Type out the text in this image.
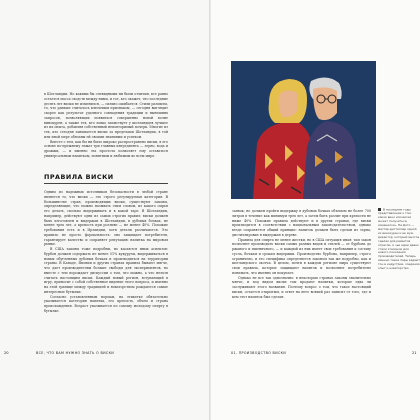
в Шотландии. Но какими бы очевидными ни были отличия, все равно остается масса сходств между ними, и тот, кто скажет, что последние десять лет виски не изменился, — сильно ошибается. Стили размыты, то, что раньше считалось ключевым признаком, — сегодня выглядит скорее как результат удачного совпадения традиции и нынешних запросов, позволяющих появиться совершенно новой волне винокурен, а также тех, кто ловко заимствует у шотландцев лучшее из их опыта, добавляя собственный неповторимый почерк. Многие из тех, кто сегодня занимается виски за пределами Шотландии, в той или иной мере обязаны ей своими знаниями и успехом.

Вместе с тем, как бы ни было широко распространено виски, в его основе по-прежнему лежат три главных ингредиента — зерно, вода и дрожжи, — и именно эта простота позволяет ему оставаться универсальным напитком, понятным и любимым во всем мире.

ПРАВИЛА ВИСКИ

Одним из надежных источников безопасности в любой стране является то, что виски — это строго регулируемая категория. В большинстве стран, производящих виски, существуют законы, определяющие, что можно называть этим словом, из какого сырья его делать, сколько выдерживать и в какой таре. В Шотландии, например, действуют одни из самых строгих правил: виски должен быть изготовлен и выдержан в Шотландии, в дубовых бочках, не менее трех лет, а крепость при розливе — не менее 40%. Похожие требования есть и в Ирландии, хотя детали различаются. Это правило не просто формальность: оно защищает потребителя, гарантирует качество и сохраняет репутацию напитка на мировом рынке.

В США законы тоже подробны, но касаются иных аспектов: бурбон должен содержать не менее 51% кукурузы, выдерживаться в новых обугленных дубовых бочках и производиться на территории страны. В Канаде, Японии и других странах правила бывают мягче, что дает производителям больше свободы для экспериментов, но вместе с тем порождает дискуссии о том, что можно, а что нельзя считать настоящим виски. Каждый новый регион, вступающий в игру, приносит с собой собственное видение этого вопроса, и именно на этой границе между традицией и новаторством рождаются самые интересные бутылки.

Согласно установленным нормам, на этикетке обязательно указывается категория напитка, его крепость, объем и страна происхождения. Возраст указывается по самому молодому спирту в бутылке.

20	ВСЕ, ЧТО ВАМ НУЖНО ЗНАТЬ О ВИСКИ

заявок; но должен пройти выдержку в дубовых бочках объемом не более 700 литров в течение как минимум трех лет, а затем быть разлит при крепости не ниже 40%. Похожие правила действуют и в других странах, где виски производится в соответствии с национальным законодательством, однако везде сохраняется общий принцип: напиток должен быть сделан из зерна, дистиллирован и выдержан в дереве.

Правила для спирта не менее жестки, но в США ситуация иная: там закон позволяет производить виски самых разных видов и стилей — от бурбона до ржаного и пшеничного, — и каждый из них имеет свои требования к составу сусла, бочкам и срокам выдержки. Производство бурбона, например, строго ограничено, и его специфика определяется законом так же подробно, как и шотландского скотча. В целом, почти в каждом регионе мира существуют свои правила, которые защищают напиток и позволяют потребителю понимать, что именно он покупает.

Однако не все так однозначно: в некоторых странах законы значительно мягче, и под видом виски там продают напитки, которые едва ли заслуживают этого названия. Поэтому вопрос о том, что такое настоящий виски, остается открытым, и ответ на него всякий раз зависит от того, где и кем этот напиток был сделан.

01. ПРОИЗВОДСТВО ВИСКИ	21
В последние годы представление о том, какое вино или виски может получиться, изменилось. На фото — мастер-дистиллер одной из винокурен и ее муж, директор, который многое сделал для развития отрасли, и чьи идеи давно стали эталоном для нового поколения производителей. Теперь именно такие пары задают тон в индустрии, соединяя опыт и новаторство.
